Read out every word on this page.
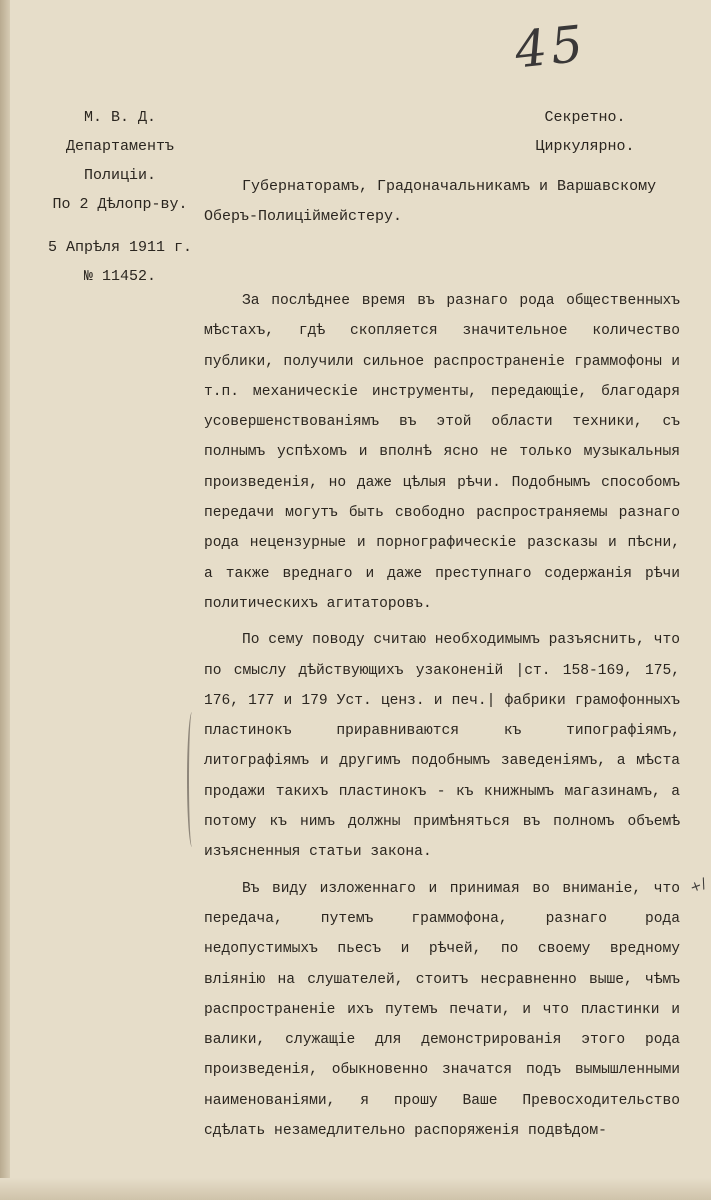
45
М. В. Д.
Департаментъ
Полиціи.
По 2 Дѣлопр-ву.
5 Апрѣля 1911 г.
№ 11452.
Секретно.
Циркулярно.
Губернаторамъ, Градоначальникамъ и Варшавскому
Оберъ-Полицiймейстеру.

За послѣднее время въ разнаго рода общественныхъ мѣстахъ, гдѣ скопляется значительное количество публики, получили сильное распространеніе граммофоны и т.п. механическіе инструменты, передающіе, благодаря усовершенствованiямъ въ этой области техники, съ полнымъ успѣхомъ и вполнѣ ясно не только музыкальныя произведенія, но даже цѣлыя рѣчи. Подобнымъ способомъ передачи могутъ быть свободно распространяемы разнаго рода нецензурные и порнографическіе разсказы и пѣсни, а также вреднаго и даже преступнаго содержанія рѣчи политическихъ агитаторовъ.

По сему поводу считаю необходимымъ разъяснить, что по смыслу дѣйствующихъ узаконеній |ст. 158-169, 175, 176, 177 и 179 Уст. ценз. и печ.| фабрики грамофонныхъ пластинокъ приравниваются къ типографiямъ, литографiямъ и другимъ подобнымъ заведенiямъ, а мѣста продажи такихъ пластинокъ - къ книжнымъ магазинамъ, а потому къ нимъ должны примѣняться въ полномъ объемѣ изъясненныя статьи закона.

Въ виду изложеннаго и принимая во вниманіе, что передача, путемъ граммофона, разнаго рода недопустимыхъ пьесъ и рѣчей, по своему вредному вліянію на слушателей, стоитъ несравненно выше, чѣмъ распространеніе ихъ путемъ печати, и что пластинки и валики, служащіе для демонстрированія этого рода произведенія, обыкновенно значатся подъ вымышленными наименованiями, я прошу Ваше Превосходительство сдѣлать незамедлительно распоряженія подвѣдом-

+/
